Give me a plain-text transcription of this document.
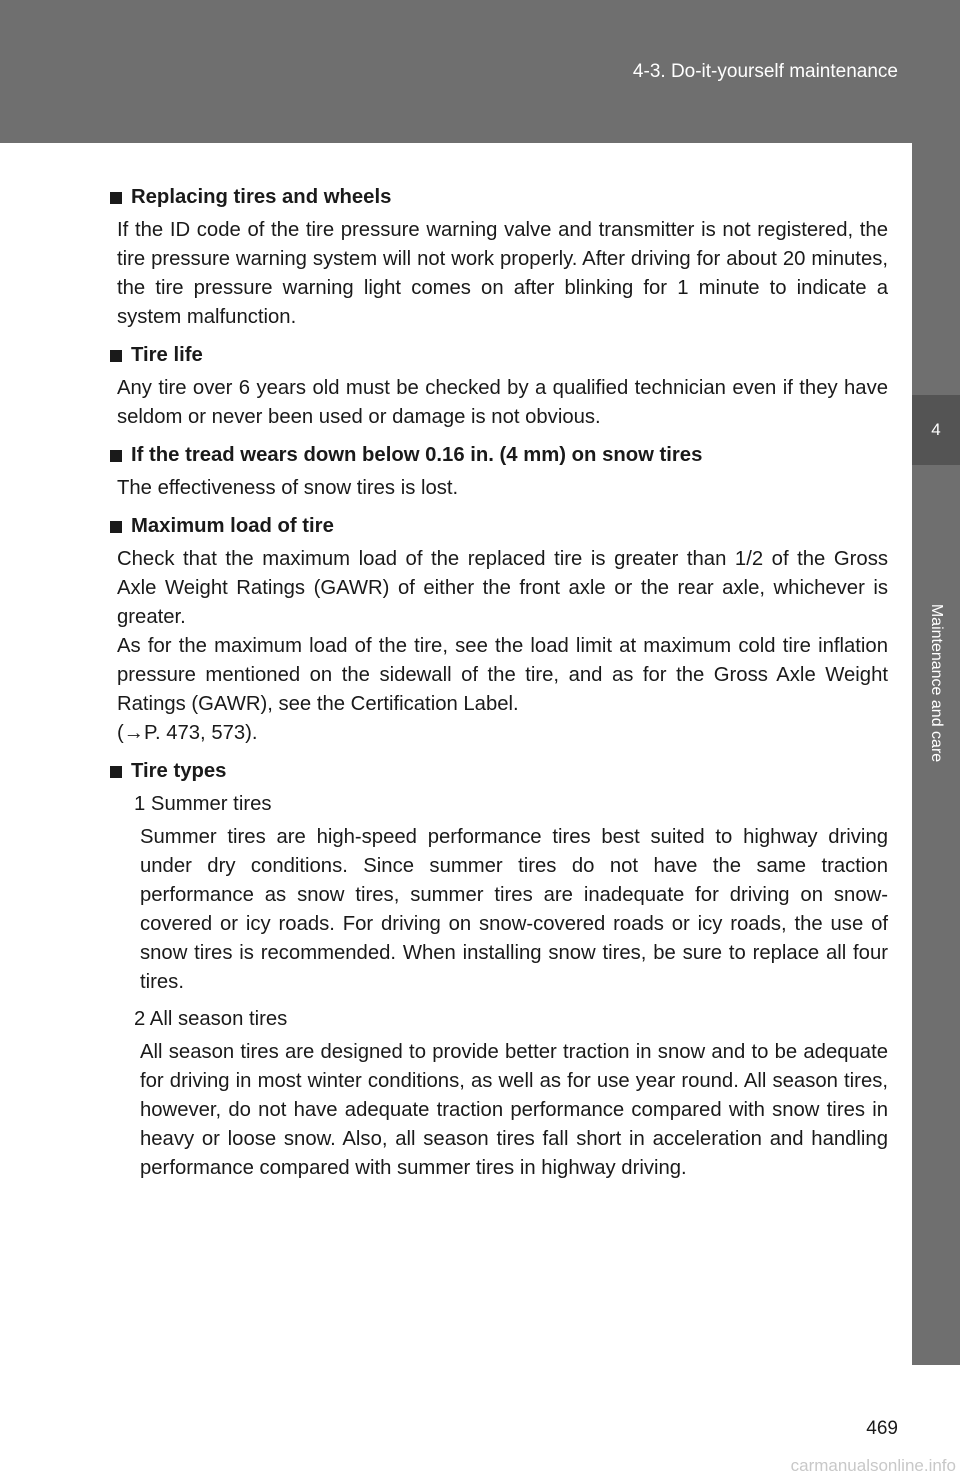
4-3. Do-it-yourself maintenance
4
Maintenance and care
Replacing tires and wheels
If the ID code of the tire pressure warning valve and transmitter is not registered, the tire pressure warning system will not work properly. After driving for about 20 minutes, the tire pressure warning light comes on after blinking for 1 minute to indicate a system malfunction.
Tire life
Any tire over 6 years old must be checked by a qualified technician even if they have seldom or never been used or damage is not obvious.
If the tread wears down below 0.16 in. (4 mm) on snow tires
The effectiveness of snow tires is lost.
Maximum load of tire
Check that the maximum load of the replaced tire is greater than 1/2 of the Gross Axle Weight Ratings (GAWR) of either the front axle or the rear axle, whichever is greater.
As for the maximum load of the tire, see the load limit at maximum cold tire inflation pressure mentioned on the sidewall of the tire, and as for the Gross Axle Weight Ratings (GAWR), see the Certification Label.
(→P. 473, 573).
Tire types
1 Summer tires
Summer tires are high-speed performance tires best suited to highway driving under dry conditions. Since summer tires do not have the same traction performance as snow tires, summer tires are inadequate for driving on snow-covered or icy roads. For driving on snow-covered roads or icy roads, the use of snow tires is recommended. When installing snow tires, be sure to replace all four tires.
2 All season tires
All season tires are designed to provide better traction in snow and to be adequate for driving in most winter conditions, as well as for use year round. All season tires, however, do not have adequate traction performance compared with snow tires in heavy or loose snow. Also, all season tires fall short in acceleration and handling performance compared with summer tires in highway driving.
469
carmanualsonline.info
